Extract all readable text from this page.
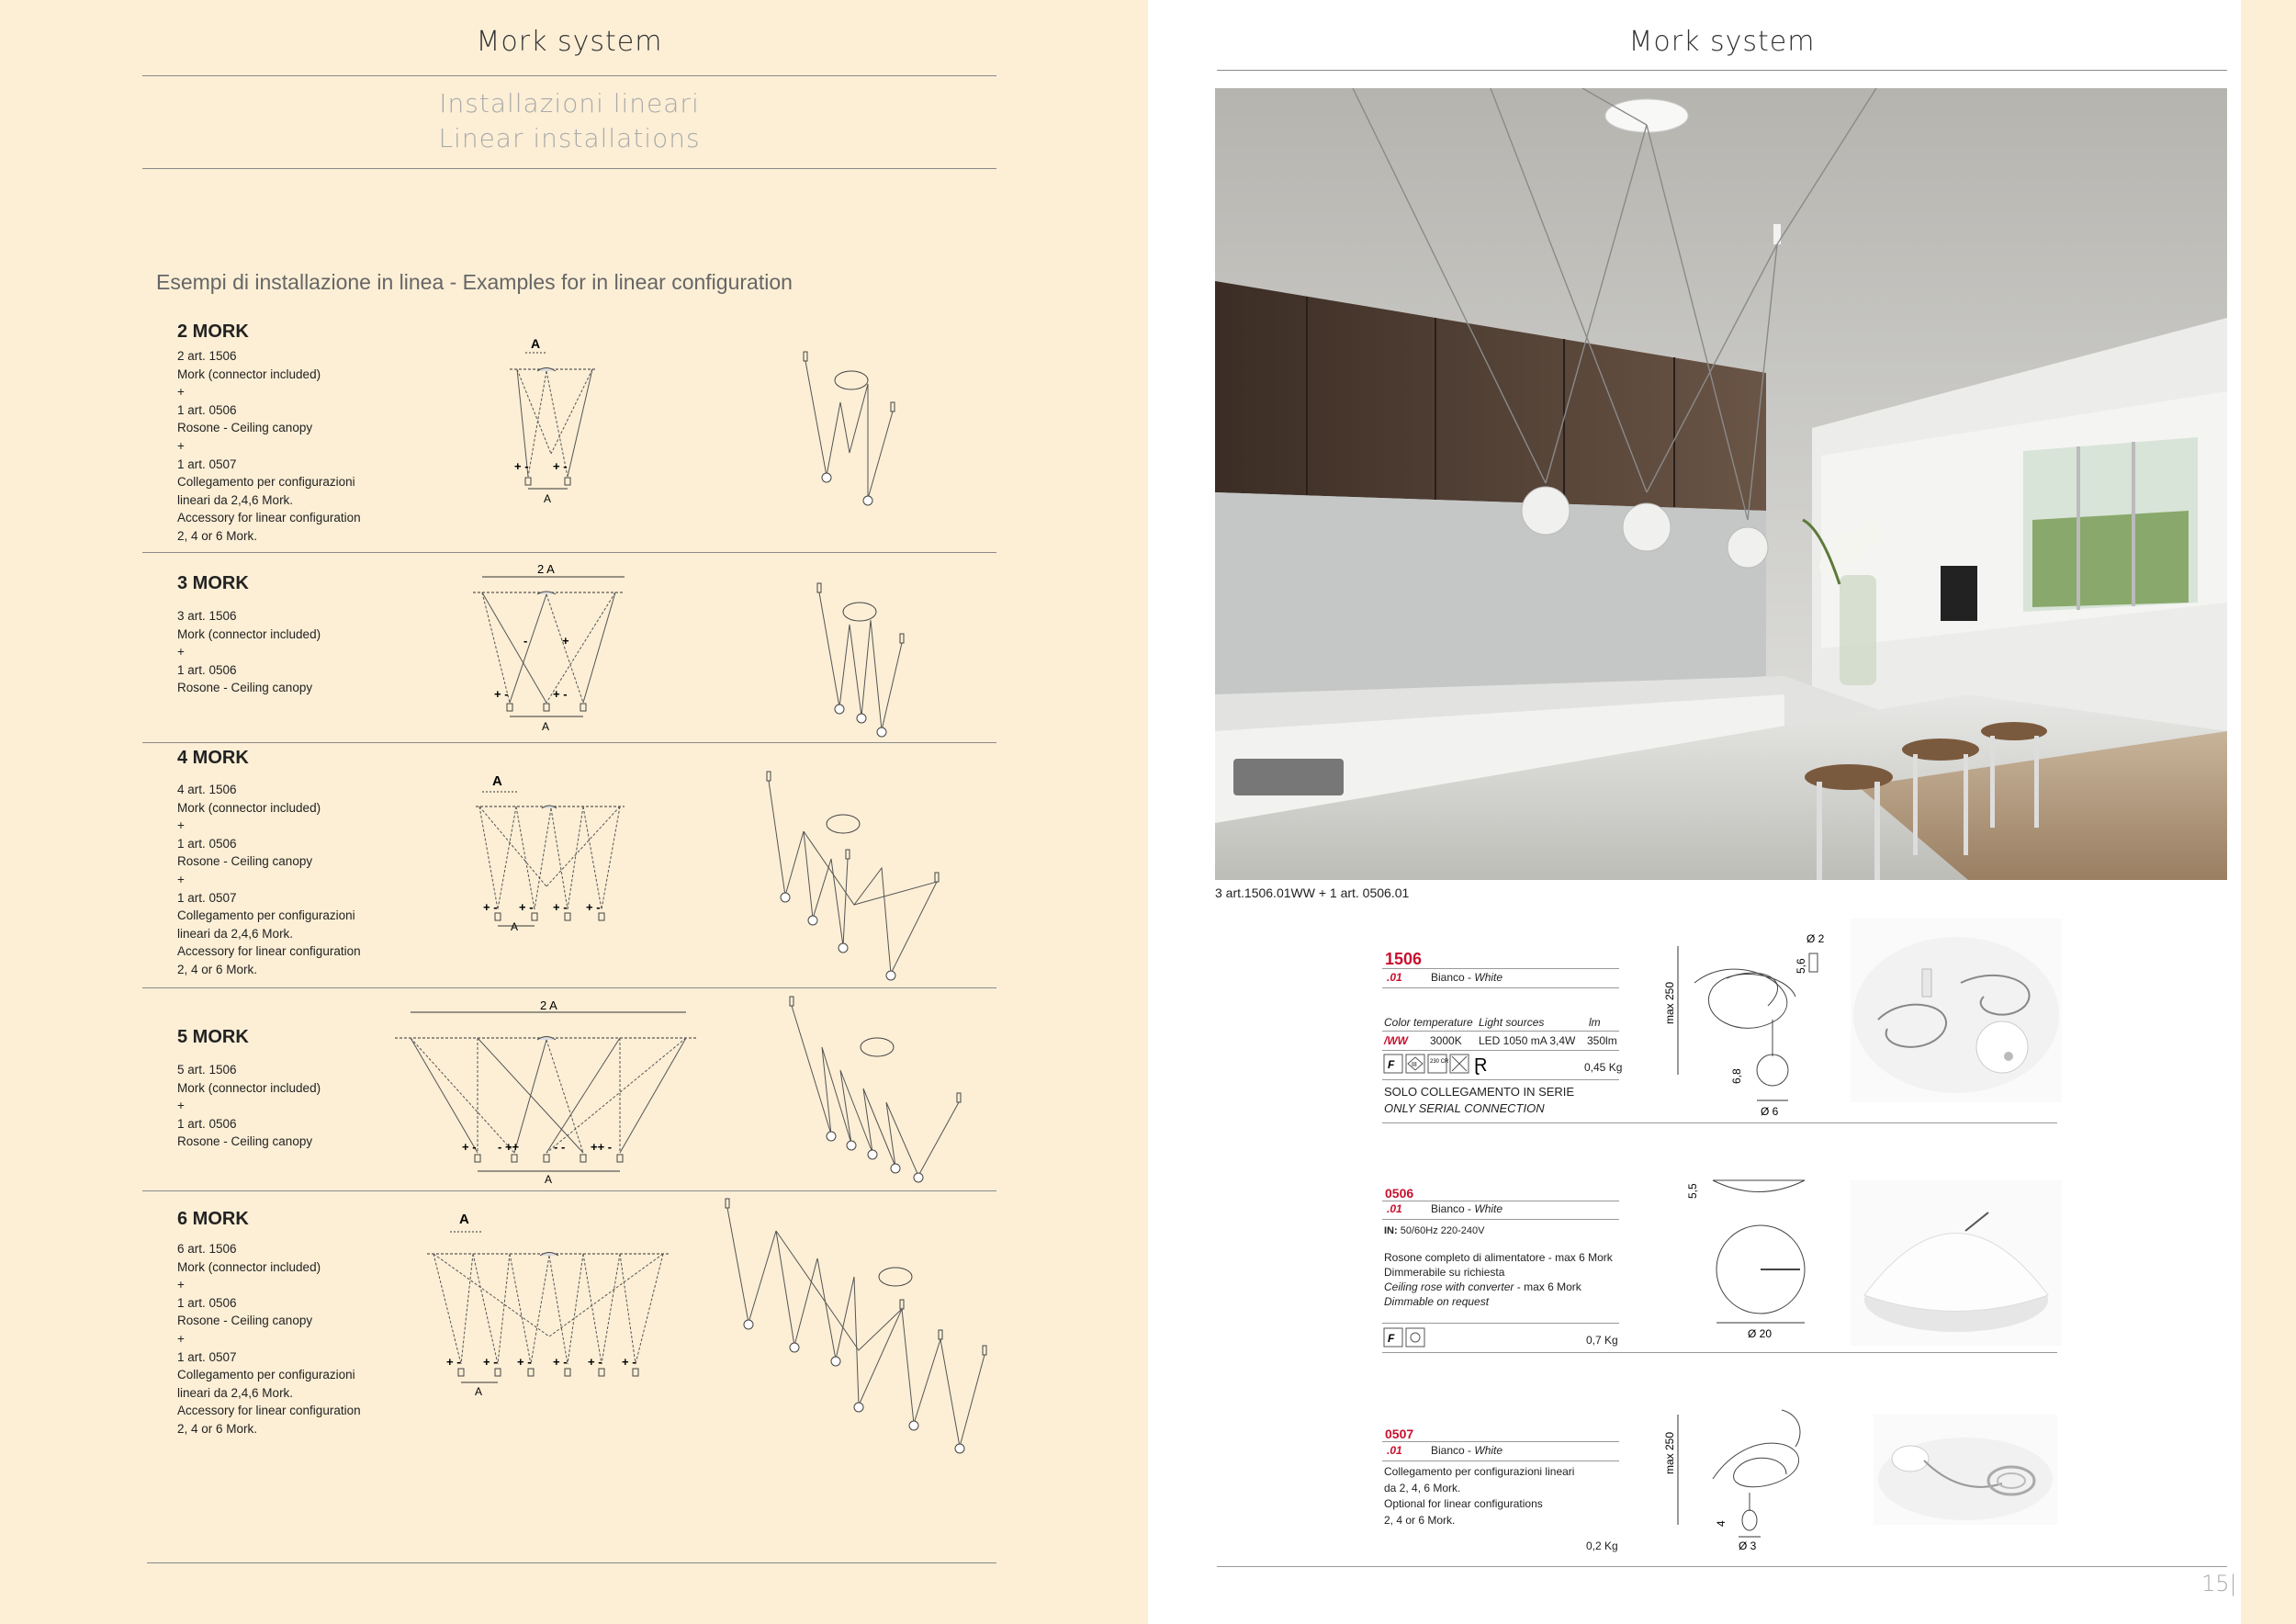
Mork system
Installazioni lineari
Linear installations
Esempi di installazione in linea - Examples for in linear configuration
2 MORK
2 art. 1506
Mork (connector included)
+
1 art. 0506
Rosone - Ceiling canopy
+
1 art. 0507
Collegamento per configurazioni
lineari da 2,4,6 Mork.
Accessory for linear configuration
2, 4 or 6 Mork.
A
+ - + -
A
3 MORK
3 art. 1506
Mork (connector included)
+
1 art. 0506
Rosone - Ceiling canopy
2 A
-	+
+ -	+ -
A
4 MORK
4 art. 1506
Mork (connector included)
+
1 art. 0506
Rosone - Ceiling canopy
+
1 art. 0507
Collegamento per configurazioni
lineari da 2,4,6 Mork.
Accessory for linear configuration
2, 4 or 6 Mork.
A
+ - + - + - + -
A
5 MORK
5 art. 1506
Mork (connector included)
+
1 art. 0506
Rosone - Ceiling canopy
2 A
+ - - ++	- - ++ -
A
6 MORK
6 art. 1506
Mork (connector included)
+
1 art. 0506
Rosone - Ceiling canopy
+
1 art. 0507
Collegamento per configurazioni
lineari da 2,4,6 Mork.
Accessory for linear configuration
2, 4 or 6 Mork.
A
+ - + - + - + - + - + -
A
Mork system
3 art.1506.01WW + 1 art. 0506.01
1506
.01	Bianco - White
Color temperature Light sources	lm
/WW 3000K LED 1050 mA 3,4W 350lm
F	III 230 CR Ɽ	0,45 Kg
SOLO COLLEGAMENTO IN SERIE
ONLY SERIAL CONNECTION
max 250
6,8
Ø 6
Ø 2
5,6
0506
.01	Bianco - White
IN: 50/60Hz 220-240V
Rosone completo di alimentatore - max 6 Mork
Dimmerabile su richiesta
Ceiling rose with converter - max 6 Mork
Dimmable on request
F	0,7 Kg
5,5
Ø 20
0507
.01	Bianco - White
Collegamento per configurazioni lineari
da 2, 4, 6 Mork.
Optional for linear configurations
2, 4 or 6 Mork.
0,2 Kg
max 250
4
Ø 3
15|
